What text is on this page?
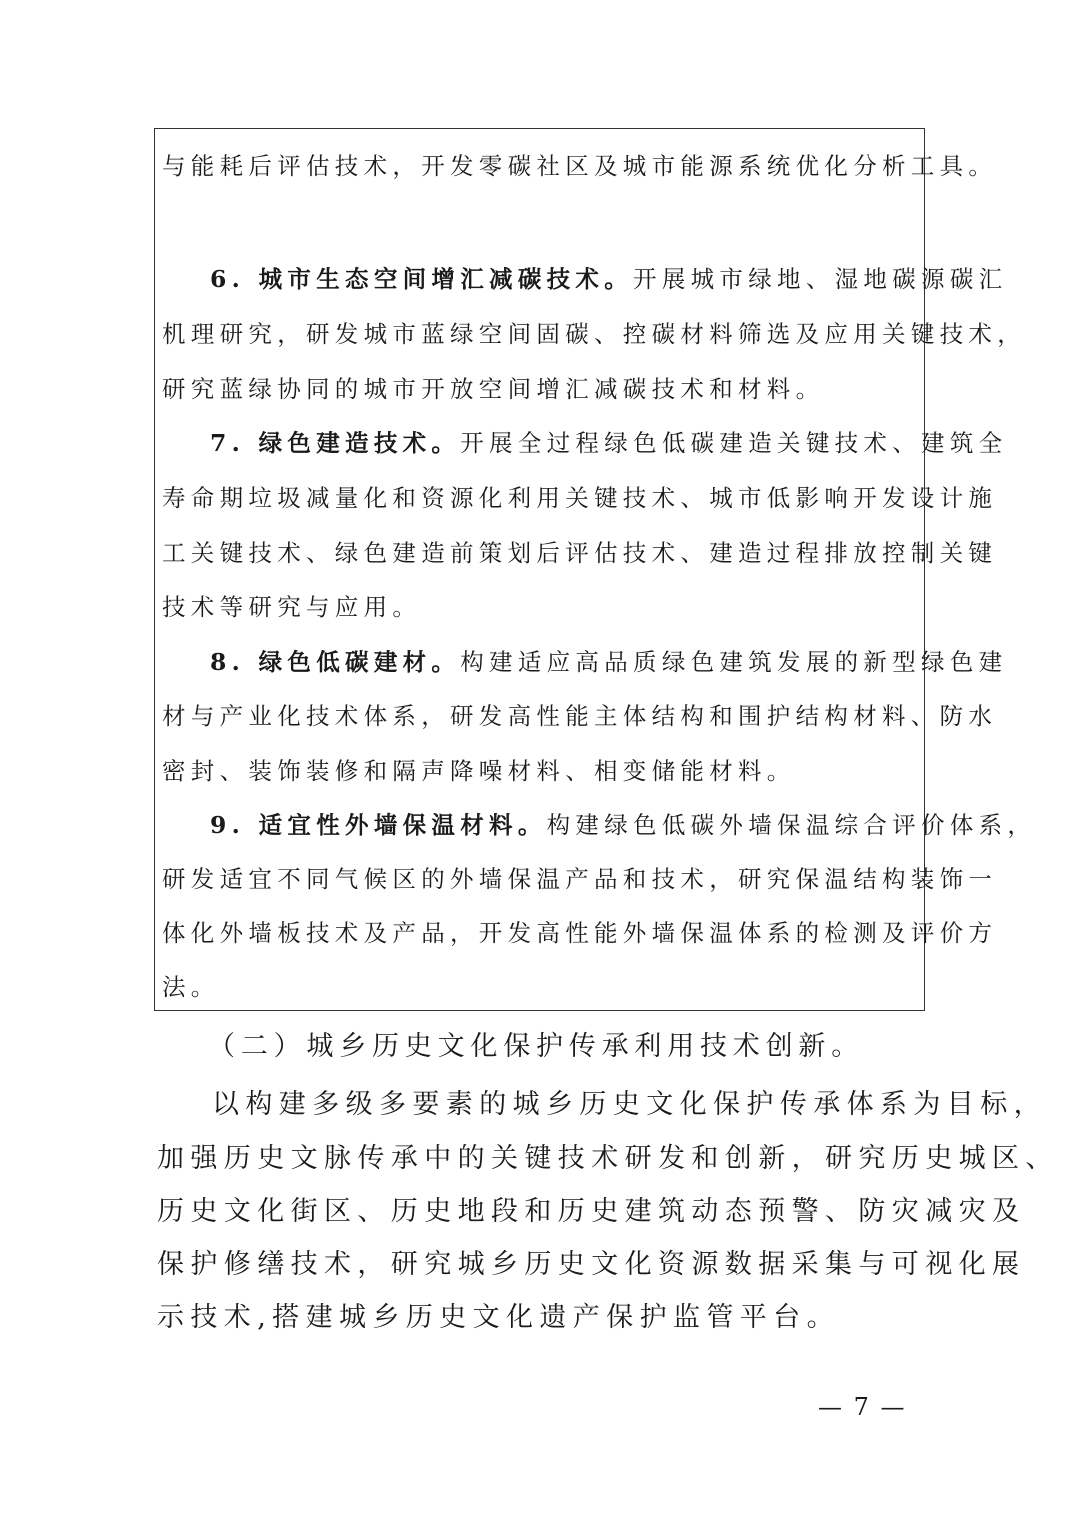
与能耗后评估技术，开发零碳社区及城市能源系统优化分析工具。
6. 城市生态空间增汇减碳技术。开展城市绿地、湿地碳源碳汇
机理研究，研发城市蓝绿空间固碳、控碳材料筛选及应用关键技术，
研究蓝绿协同的城市开放空间增汇减碳技术和材料。
7. 绿色建造技术。开展全过程绿色低碳建造关键技术、建筑全
寿命期垃圾减量化和资源化利用关键技术、城市低影响开发设计施
工关键技术、绿色建造前策划后评估技术、建造过程排放控制关键
技术等研究与应用。
8. 绿色低碳建材。构建适应高品质绿色建筑发展的新型绿色建
材与产业化技术体系，研发高性能主体结构和围护结构材料、防水
密封、装饰装修和隔声降噪材料、相变储能材料。
9. 适宜性外墙保温材料。构建绿色低碳外墙保温综合评价体系，
研发适宜不同气候区的外墙保温产品和技术，研究保温结构装饰一
体化外墙板技术及产品，开发高性能外墙保温体系的检测及评价方
法。
（二）城乡历史文化保护传承利用技术创新。
以构建多级多要素的城乡历史文化保护传承体系为目标，
加强历史文脉传承中的关键技术研发和创新，研究历史城区、
历史文化街区、历史地段和历史建筑动态预警、防灾减灾及
保护修缮技术，研究城乡历史文化资源数据采集与可视化展
示技术,搭建城乡历史文化遗产保护监管平台。
— 7 —
